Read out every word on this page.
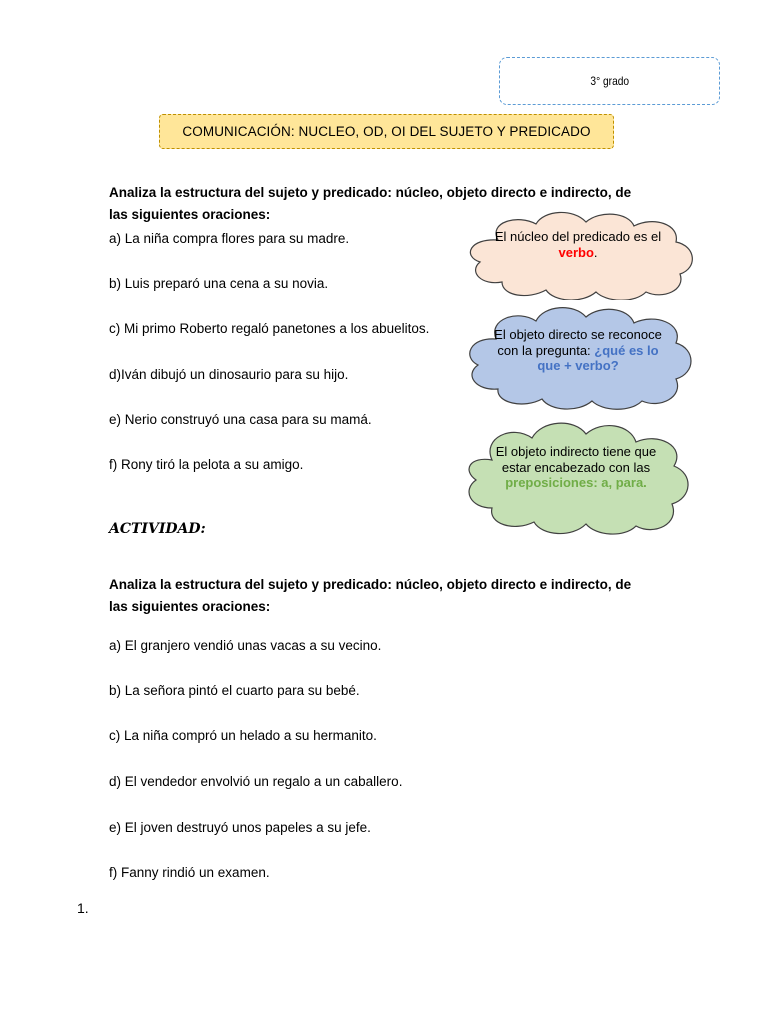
3° grado
COMUNICACIÓN: NUCLEO, OD, OI DEL SUJETO Y PREDICADO
Analiza la estructura del sujeto y predicado: núcleo, objeto directo e indirecto, de las siguientes oraciones:
a) La niña compra flores para su madre.
b) Luis preparó una cena a su novia.
c) Mi primo Roberto regaló panetones a los abuelitos.
d)Iván dibujó un dinosaurio para su hijo.
e) Nerio construyó una casa para su mamá.
f) Rony tiró la pelota a su amigo.
ACTIVIDAD:
Analiza la estructura del sujeto y predicado: núcleo, objeto directo e indirecto, de las siguientes oraciones:
a) El granjero vendió unas vacas a su vecino.
b) La señora pintó el cuarto para su bebé.
c) La niña compró un helado a su hermanito.
d) El vendedor envolvió un regalo a un caballero.
e) El joven destruyó unos papeles a su jefe.
f) Fanny rindió un examen.
1.
El núcleo del predicado es el
verbo.
El objeto directo se reconoce con la pregunta: ¿qué es lo que + verbo?
El objeto indirecto tiene que estar encabezado con las preposiciones: a, para.
